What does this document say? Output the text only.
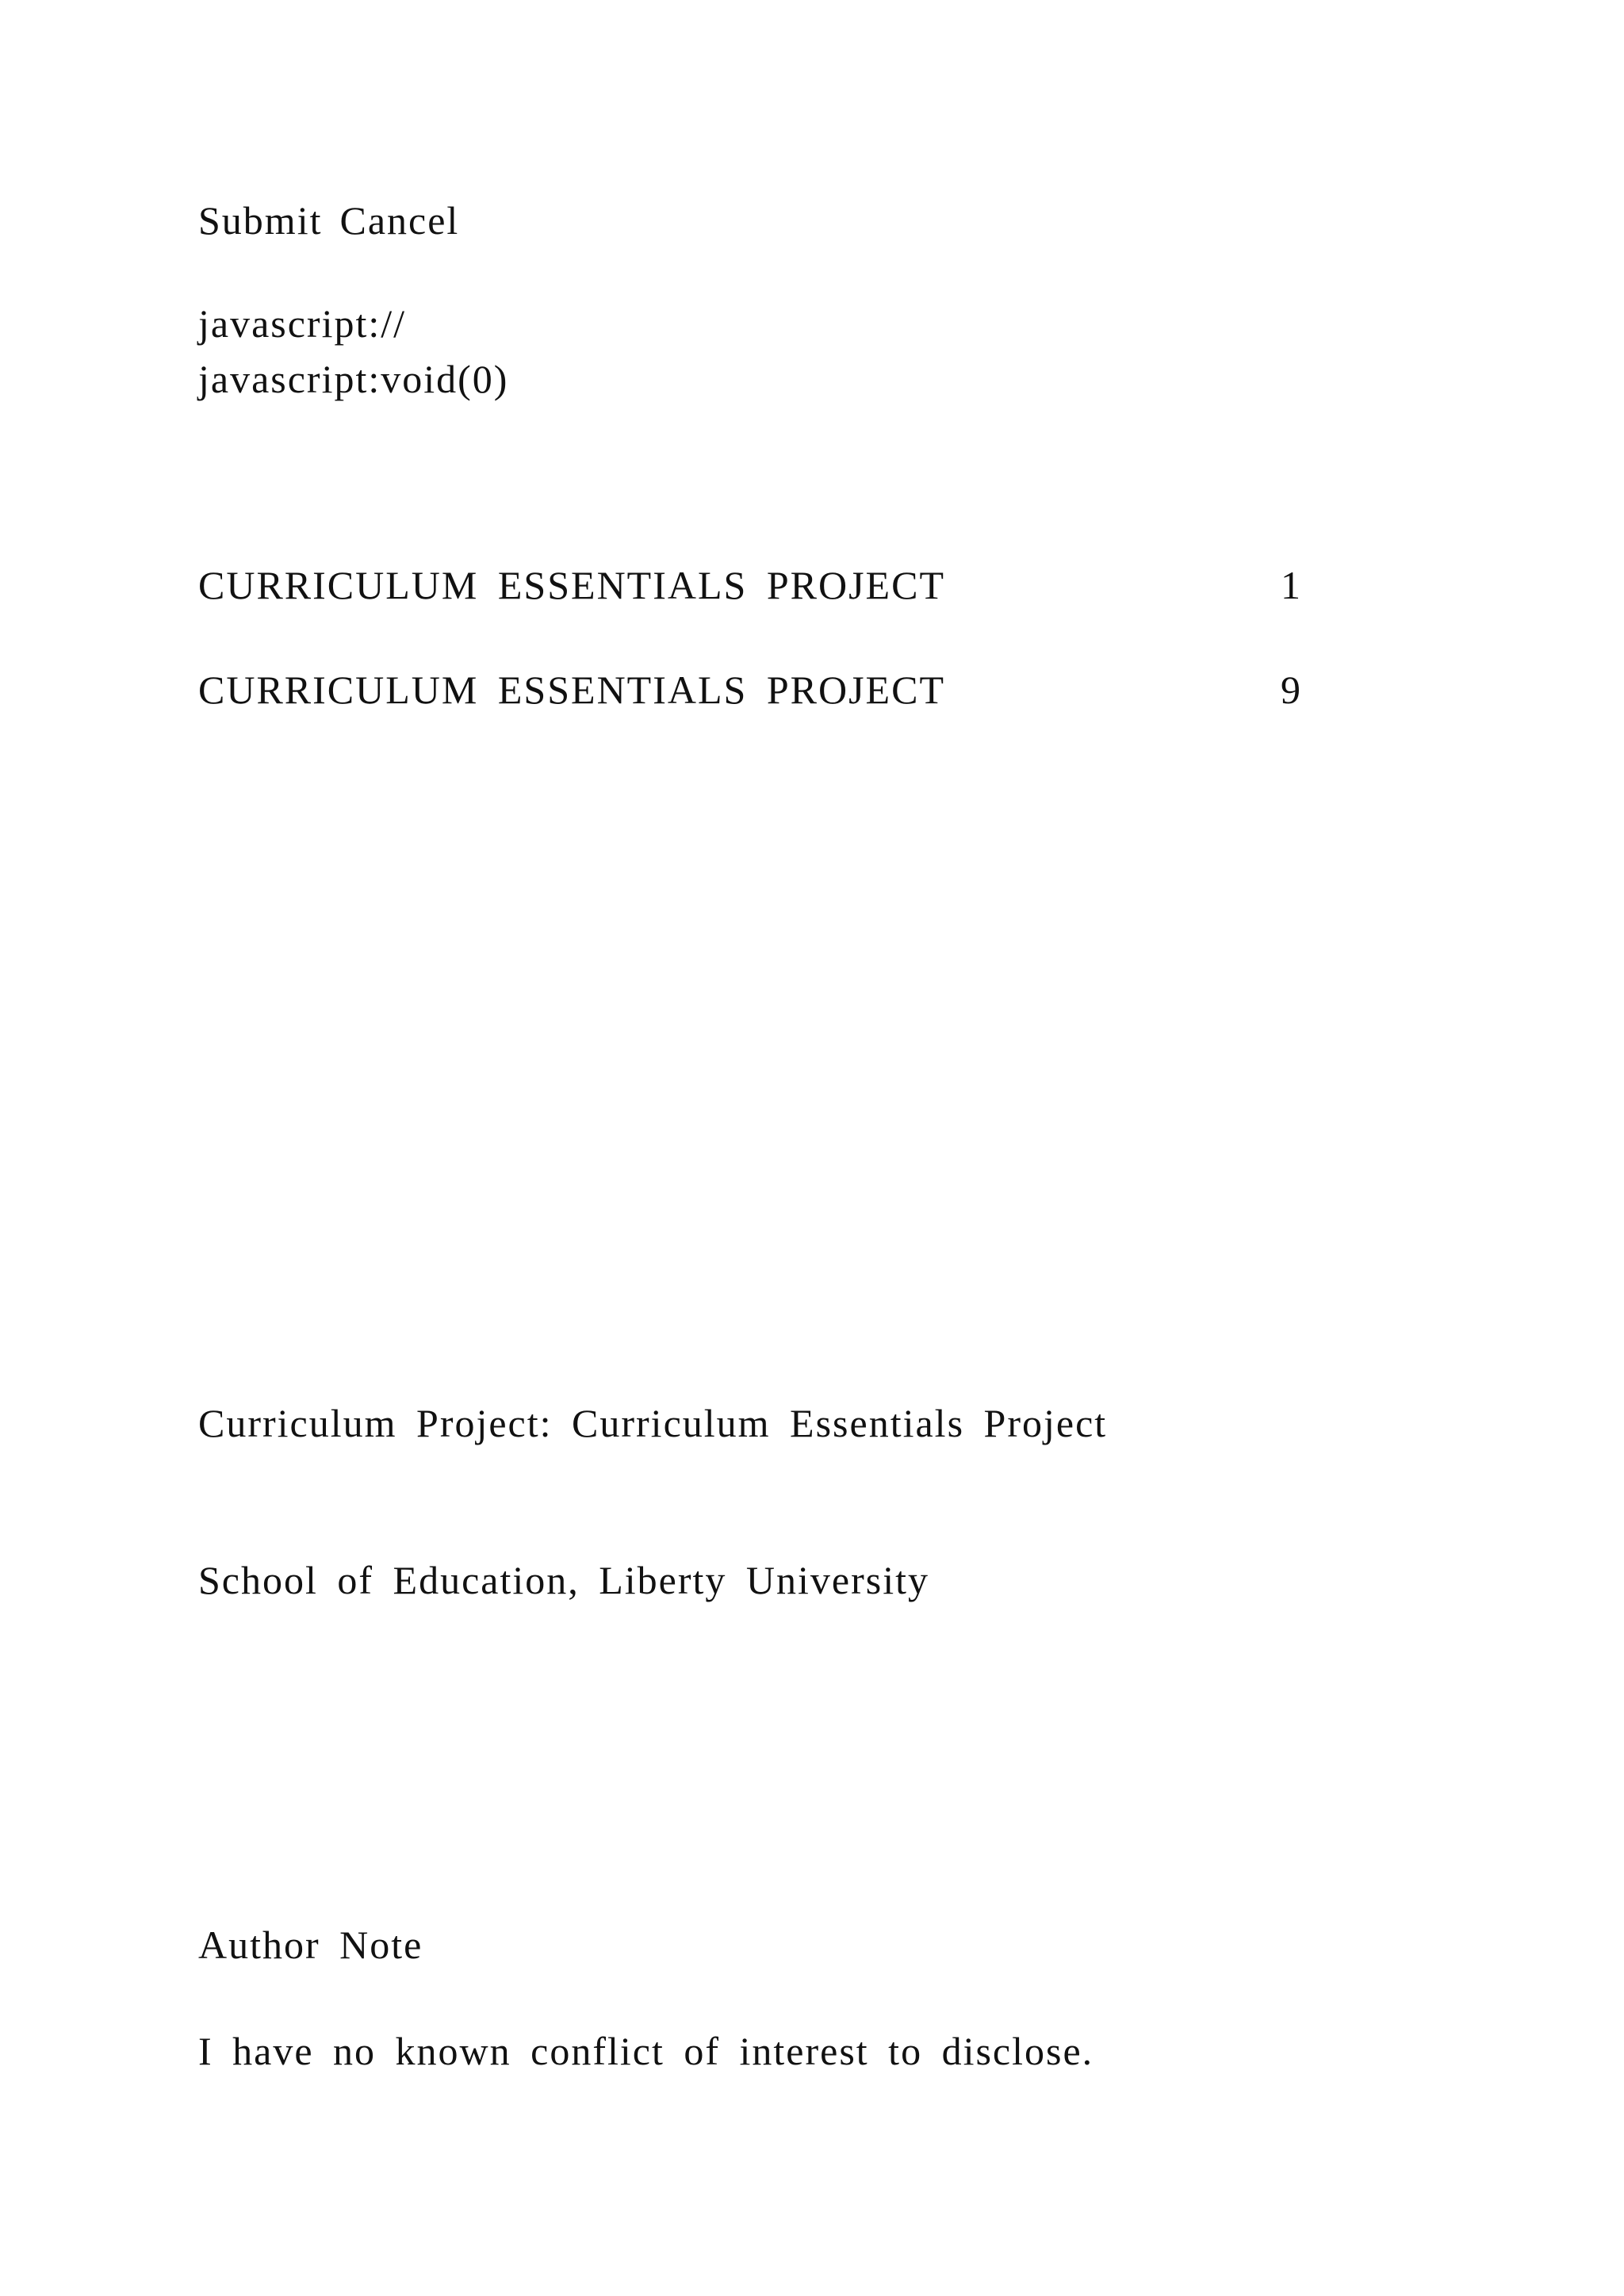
Submit Cancel
javascript://
javascript:void(0)
CURRICULUM ESSENTIALS PROJECT	1
CURRICULUM ESSENTIALS PROJECT	9
Curriculum Project: Curriculum Essentials Project
School of Education, Liberty University
Author Note
I have no known conflict of interest to disclose.
